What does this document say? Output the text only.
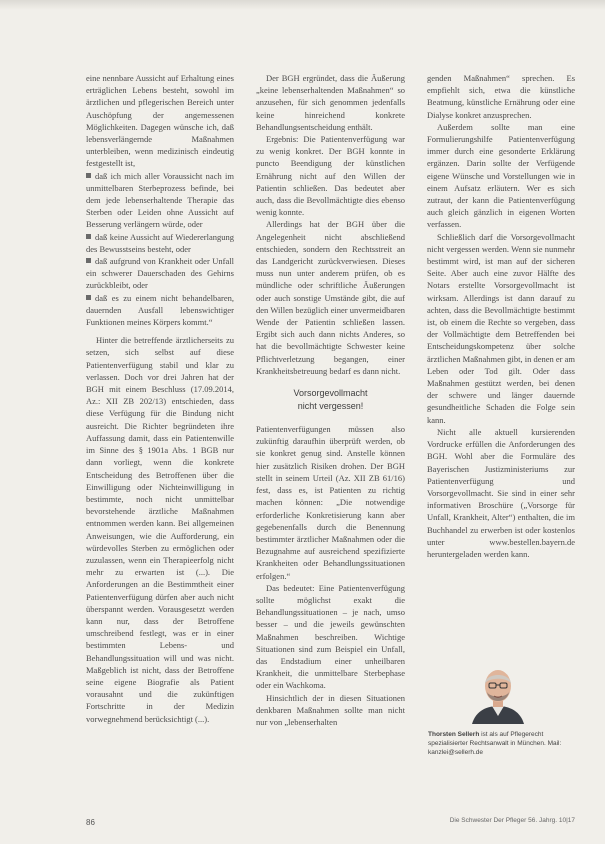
eine nennbare Aussicht auf Erhaltung eines erträglichen Lebens besteht, sowohl im ärztlichen und pflegerischen Bereich unter Auschöpfung der angemessenen Möglichkeiten. Dagegen wünsche ich, daß lebensverlängernde Maßnahmen unterbleiben, wenn medizinisch eindeutig festgestellt ist,

daß ich mich aller Voraussicht nach im unmittelbaren Sterbeprozess befinde, bei dem jede lebenserhaltende Therapie das Sterben oder Leiden ohne Aussicht auf Besserung verlängern würde, oder
daß keine Aussicht auf Wiedererlangung des Bewusstseins besteht, oder
daß aufgrund von Krankheit oder Unfall ein schwerer Dauerschaden des Gehirns zurückbleibt, oder
daß es zu einem nicht behandelbaren, dauernden Ausfall lebenswichtiger Funktionen meines Körpers kommt.“

Hinter die betreffende ärztlicherseits zu setzen, sich selbst auf diese Patientenverfügung stabil und klar zu verlassen. Doch vor drei Jahren hat der BGH mit einem Beschluss (17.09.2014, Az.: XII ZB 202/13) entschieden, dass diese Verfügung für die Bindung nicht ausreicht. Die Richter begründeten ihre Auffassung damit, dass ein Patientenwille im Sinne des § 1901a Abs. 1 BGB nur dann vorliegt, wenn die konkrete Entscheidung des Betroffenen über die Einwilligung oder Nichteinwilligung in bestimmte, noch nicht unmittelbar bevorstehende ärztliche Maßnahmen entnommen werden kann. Bei allgemeinen Anweisungen, wie die Aufforderung, ein würdevolles Sterben zu ermöglichen oder zuzulassen, wenn ein Therapieerfolg nicht mehr zu erwarten ist (...). Die Anforderungen an die Bestimmtheit einer Patientenverfügung dürfen aber auch nicht überspannt werden. Vorausgesetzt werden kann nur, dass der Betroffene umschreibend festlegt, was er in einer bestimmten Lebens- und Behandlungssituation will und was nicht. Maßgeblich ist nicht, dass der Betroffene seine eigene Biografie als Patient vorausahnt und die zukünftigen Fortschritte in der Medizin vorwegnehmend berücksichtigt (...).

Der BGH ergründet, dass die Äußerung „keine lebenserhaltenden Maßnahmen“ so anzusehen, für sich genommen jedenfalls keine hinreichend konkrete Behandlungsentscheidung enthält.

Ergebnis: Die Patientenverfügung war zu wenig konkret. Der BGH konnte in puncto Beendigung der künstlichen Ernährung nicht auf den Willen der Patientin schließen. Das bedeutet aber auch, dass die Bevollmächtigte dies ebenso wenig konnte.

Allerdings hat der BGH über die Angelegenheit nicht abschließend entschieden, sondern den Rechtsstreit an das Landgericht zurückverwiesen. Dieses muss nun unter anderem prüfen, ob es mündliche oder schriftliche Äußerungen oder auch sonstige Umstände gibt, die auf den Willen bezüglich einer unvermeidbaren Wende der Patientin schließen lassen. Ergibt sich auch dann nichts Anderes, so hat die bevollmächtigte Schwester keine Pflichtverletzung begangen, einer Krankheitsbetreuung bedarf es dann nicht.

Vorsorgevollmacht
nicht vergessen!

Patientenverfügungen müssen also zukünftig daraufhin überprüft werden, ob sie konkret genug sind. Anstelle können hier zusätzlich Risiken drohen. Der BGH stellt in seinem Urteil (Az. XII ZB 61/16) fest, dass es, ist Patienten zu richtig machen können: „Die notwendige erforderliche Konkretisierung kann aber gegebenenfalls durch die Benennung bestimmter ärztlicher Maßnahmen oder die Bezugnahme auf ausreichend spezifizierte Krankheiten oder Behandlungssituationen erfolgen.“

Das bedeutet: Eine Patientenverfügung sollte möglichst exakt die Behandlungssituationen – je nach, umso besser – und die jeweils gewünschten Maßnahmen beschreiben. Wichtige Situationen sind zum Beispiel ein Unfall, das Endstadium einer unheilbaren Krankheit, die unmittelbare Sterbephase oder ein Wachkoma.

Hinsichtlich der in diesen Situationen denkbaren Maßnahmen sollte man nicht nur von „lebenserhalten

genden Maßnahmen“ sprechen. Es empfiehlt sich, etwa die künstliche Beatmung, künstliche Ernährung oder eine Dialyse konkret anzusprechen.

Außerdem sollte man eine Formulierungshilfe Patientenverfügung immer durch eine gesonderte Erklärung ergänzen. Darin sollte der Verfügende eigene Wünsche und Vorstellungen wie in einem Aufsatz erläutern. Wer es sich zutraut, der kann die Patientenverfügung auch gleich gänzlich in eigenen Worten verfassen.

Schließlich darf die Vorsorgevollmacht nicht vergessen werden. Wenn sie nunmehr bestimmt wird, ist man auf der sicheren Seite. Aber auch eine zuvor Hälfte des Notars erstellte Vorsorgevollmacht ist wirksam. Allerdings ist dann darauf zu achten, dass die Bevollmächtigte bestimmt ist, ob einem die Rechte so vergeben, dass der Vollmächtigte dem Betreffenden bei Entscheidungskompetenz über solche ärztlichen Maßnahmen gibt, in denen er am Leben oder Tod gilt. Oder dass Maßnahmen gestützt werden, bei denen der schwere und länger dauernde gesundheitliche Schaden die Folge sein kann.

Nicht alle aktuell kursierenden Vordrucke erfüllen die Anforderungen des BGH. Wohl aber die Formuläre des Bayerischen Justizministeriums zur Patientenverfügung und Vorsorgevollmacht. Sie sind in einer sehr informativen Broschüre („Vorsorge für Unfall, Krankheit, Alter“) enthalten, die im Buchhandel zu erwerben ist oder kostenlos unter www.bestellen.bayern.de heruntergeladen werden kann.

Thorsten Sellerh ist als auf Pflegerecht spezialisierter Rechtsanwalt in München. Mail: kanzlei@sellerh.de
86	Die Schwester Der Pfleger 56. Jahrg. 10|17
